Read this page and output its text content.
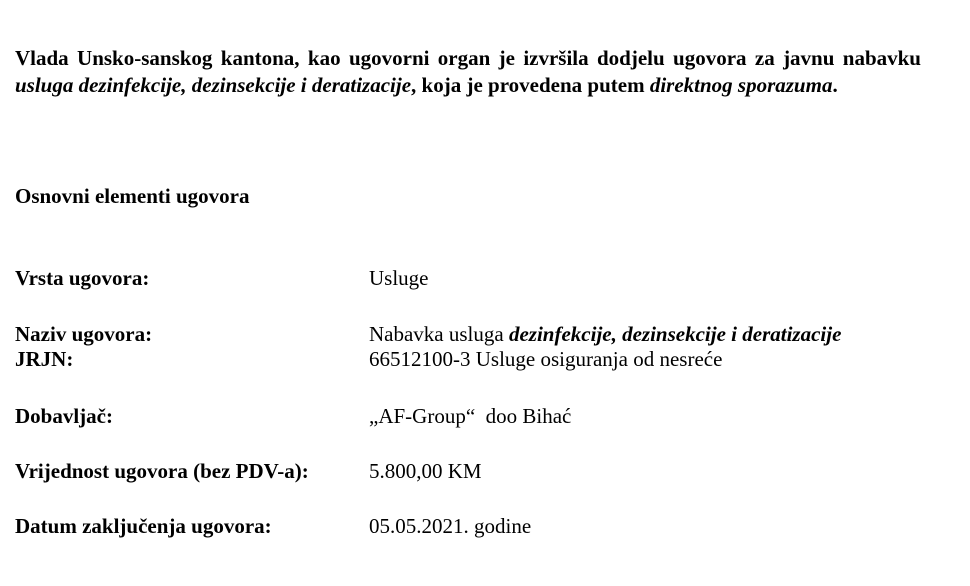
Vlada Unsko-sanskog kantona, kao ugovorni organ je izvršila dodjelu ugovora za javnu nabavku usluga dezinfekcije, dezinsekcije i deratizacije, koja je provedena putem direktnog sporazuma.

Osnovni elementi ugovora

Vrsta ugovora:	Usluge
Naziv ugovora:	Nabavka usluga dezinfekcije, dezinsekcije i deratizacije
JRJN:	66512100-3 Usluge osiguranja od nesreće
Dobavljač:	„AF-Group“  doo Bihać
Vrijednost ugovora (bez PDV-a):	5.800,00 KM
Datum zaključenja ugovora:	05.05.2021. godine
